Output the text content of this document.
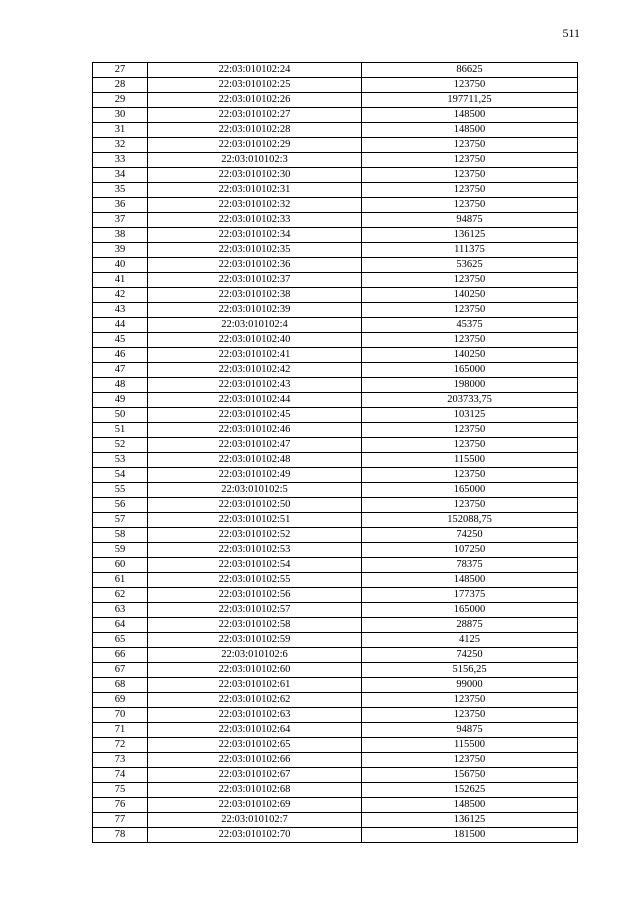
511
27	22:03:010102:24	86625
28	22:03:010102:25	123750
29	22:03:010102:26	197711,25
30	22:03:010102:27	148500
31	22:03:010102:28	148500
32	22:03:010102:29	123750
33	22:03:010102:3	123750
34	22:03:010102:30	123750
35	22:03:010102:31	123750
36	22:03:010102:32	123750
37	22:03:010102:33	94875
38	22:03:010102:34	136125
39	22:03:010102:35	111375
40	22:03:010102:36	53625
41	22:03:010102:37	123750
42	22:03:010102:38	140250
43	22:03:010102:39	123750
44	22:03:010102:4	45375
45	22:03:010102:40	123750
46	22:03:010102:41	140250
47	22:03:010102:42	165000
48	22:03:010102:43	198000
49	22:03:010102:44	203733,75
50	22:03:010102:45	103125
51	22:03:010102:46	123750
52	22:03:010102:47	123750
53	22:03:010102:48	115500
54	22:03:010102:49	123750
55	22:03:010102:5	165000
56	22:03:010102:50	123750
57	22:03:010102:51	152088,75
58	22:03:010102:52	74250
59	22:03:010102:53	107250
60	22:03:010102:54	78375
61	22:03:010102:55	148500
62	22:03:010102:56	177375
63	22:03:010102:57	165000
64	22:03:010102:58	28875
65	22:03:010102:59	4125
66	22:03:010102:6	74250
67	22:03:010102:60	5156,25
68	22:03:010102:61	99000
69	22:03:010102:62	123750
70	22:03:010102:63	123750
71	22:03:010102:64	94875
72	22:03:010102:65	115500
73	22:03:010102:66	123750
74	22:03:010102:67	156750
75	22:03:010102:68	152625
76	22:03:010102:69	148500
77	22:03:010102:7	136125
78	22:03:010102:70	181500
